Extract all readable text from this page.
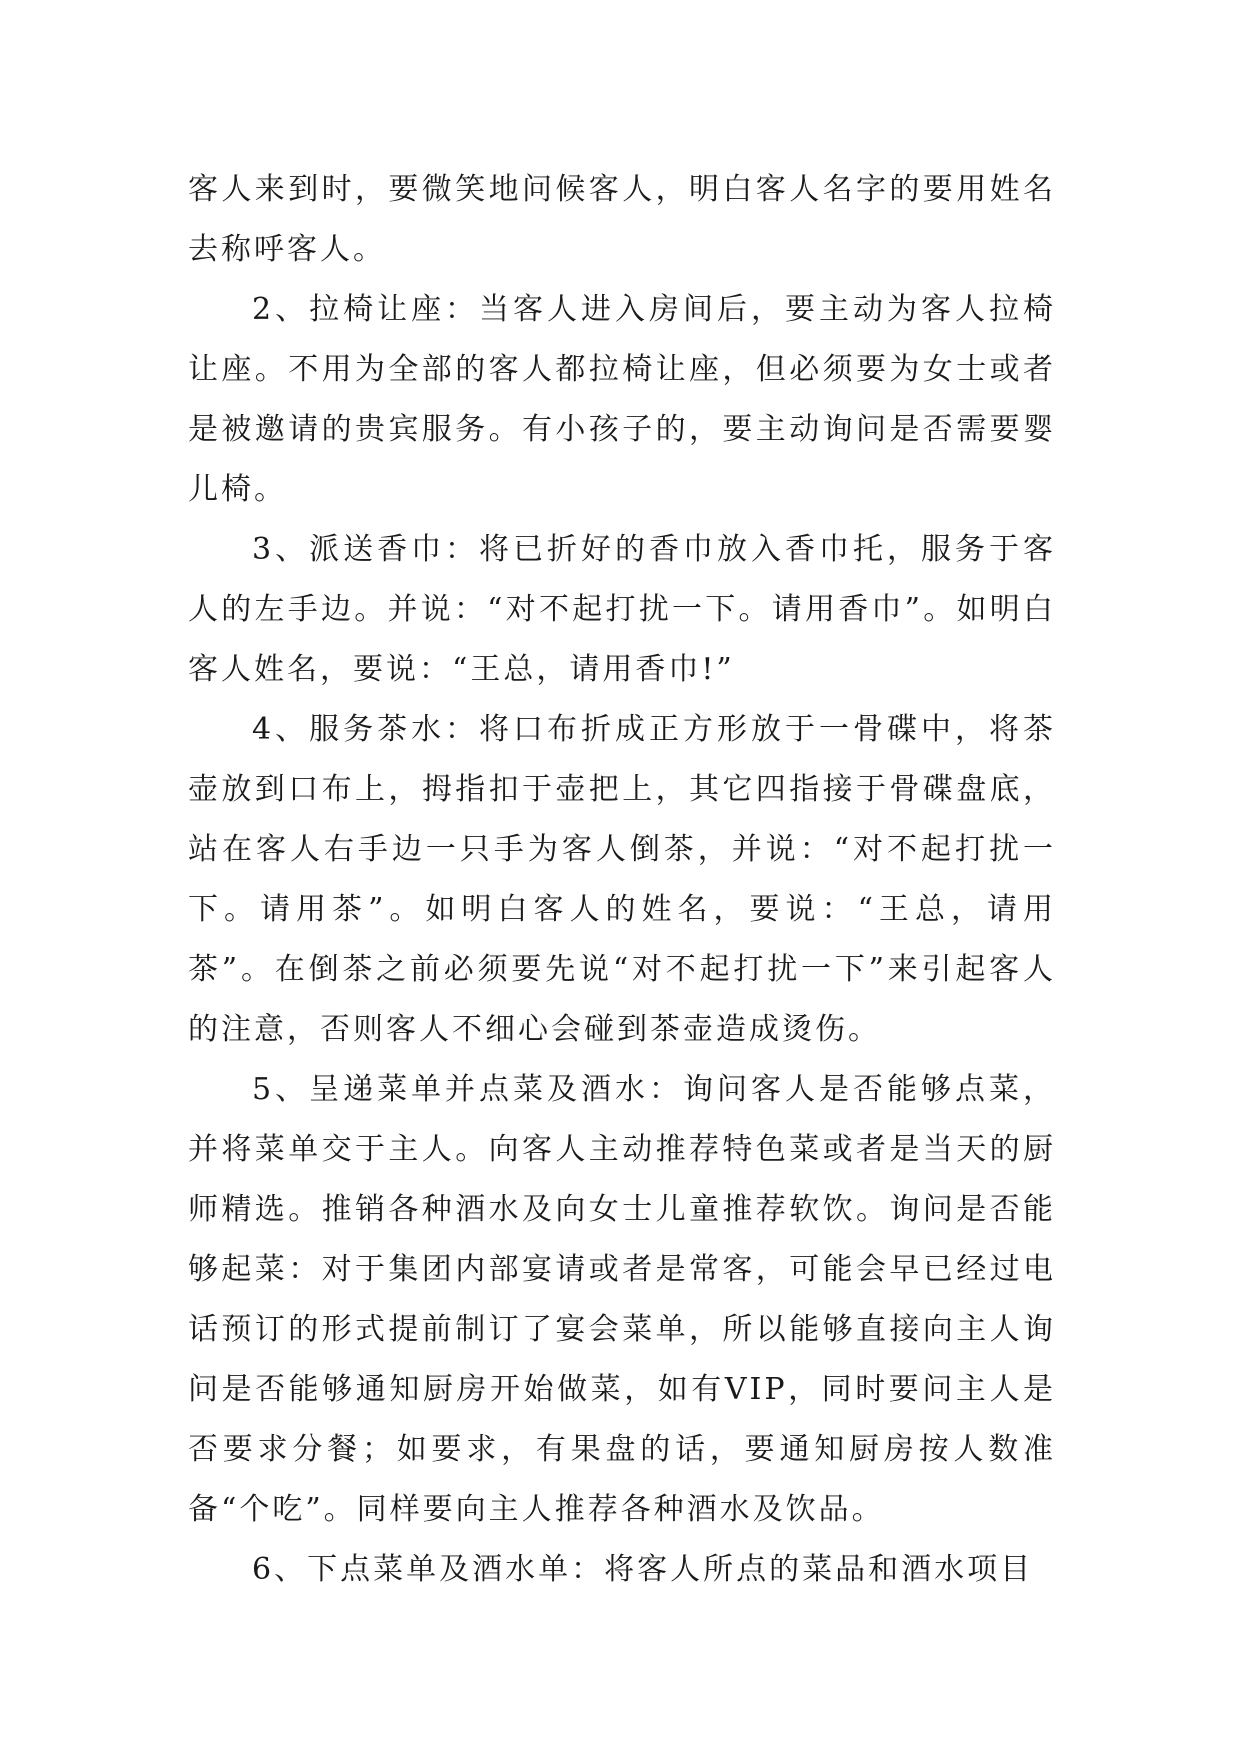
客人来到时，要微笑地问候客人，明白客人名字的要用姓名去称呼客人。

2、拉椅让座：当客人进入房间后，要主动为客人拉椅让座。不用为全部的客人都拉椅让座，但必须要为女士或者是被邀请的贵宾服务。有小孩子的，要主动询问是否需要婴儿椅。

3、派送香巾：将已折好的香巾放入香巾托，服务于客人的左手边。并说：“对不起打扰一下。请用香巾”。如明白客人姓名，要说：“王总，请用香巾!”

4、服务茶水：将口布折成正方形放于一骨碟中，将茶壶放到口布上，拇指扣于壶把上，其它四指接于骨碟盘底，站在客人右手边一只手为客人倒茶，并说：“对不起打扰一下。请用茶”。如明白客人的姓名，要说：“王总，请用茶”。在倒茶之前必须要先说“对不起打扰一下”来引起客人的注意，否则客人不细心会碰到茶壶造成烫伤。

5、呈递菜单并点菜及酒水：询问客人是否能够点菜，并将菜单交于主人。向客人主动推荐特色菜或者是当天的厨师精选。推销各种酒水及向女士儿童推荐软饮。询问是否能够起菜：对于集团内部宴请或者是常客，可能会早已经过电话预订的形式提前制订了宴会菜单，所以能够直接向主人询问是否能够通知厨房开始做菜，如有VIP，同时要问主人是否要求分餐；如要求，有果盘的话，要通知厨房按人数准备“个吃”。同样要向主人推荐各种酒水及饮品。

6、下点菜单及酒水单：将客人所点的菜品和酒水项目
